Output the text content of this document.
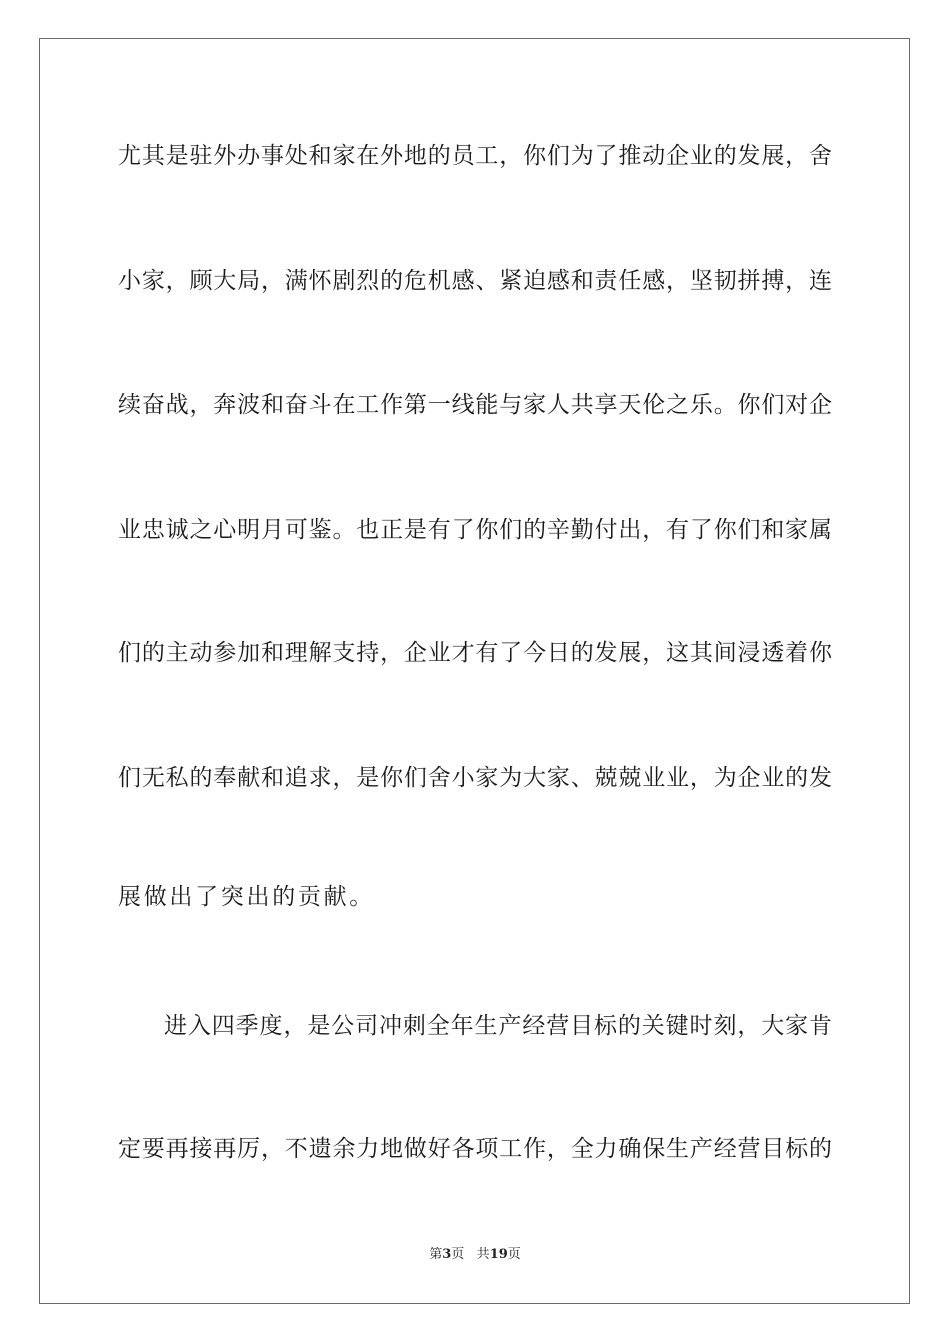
尤其是驻外办事处和家在外地的员工，你们为了推动企业的发展，舍
小家，顾大局，满怀剧烈的危机感、紧迫感和责任感，坚韧拼搏，连
续奋战，奔波和奋斗在工作第一线能与家人共享天伦之乐。你们对企
业忠诚之心明月可鉴。也正是有了你们的辛勤付出，有了你们和家属
们的主动参加和理解支持，企业才有了今日的发展，这其间浸透着你
们无私的奉献和追求，是你们舍小家为大家、兢兢业业，为企业的发
展做出了突出的贡献。
进入四季度，是公司冲刺全年生产经营目标的关键时刻，大家肯
定要再接再厉，不遗余力地做好各项工作，全力确保生产经营目标的
第3页 共19页
